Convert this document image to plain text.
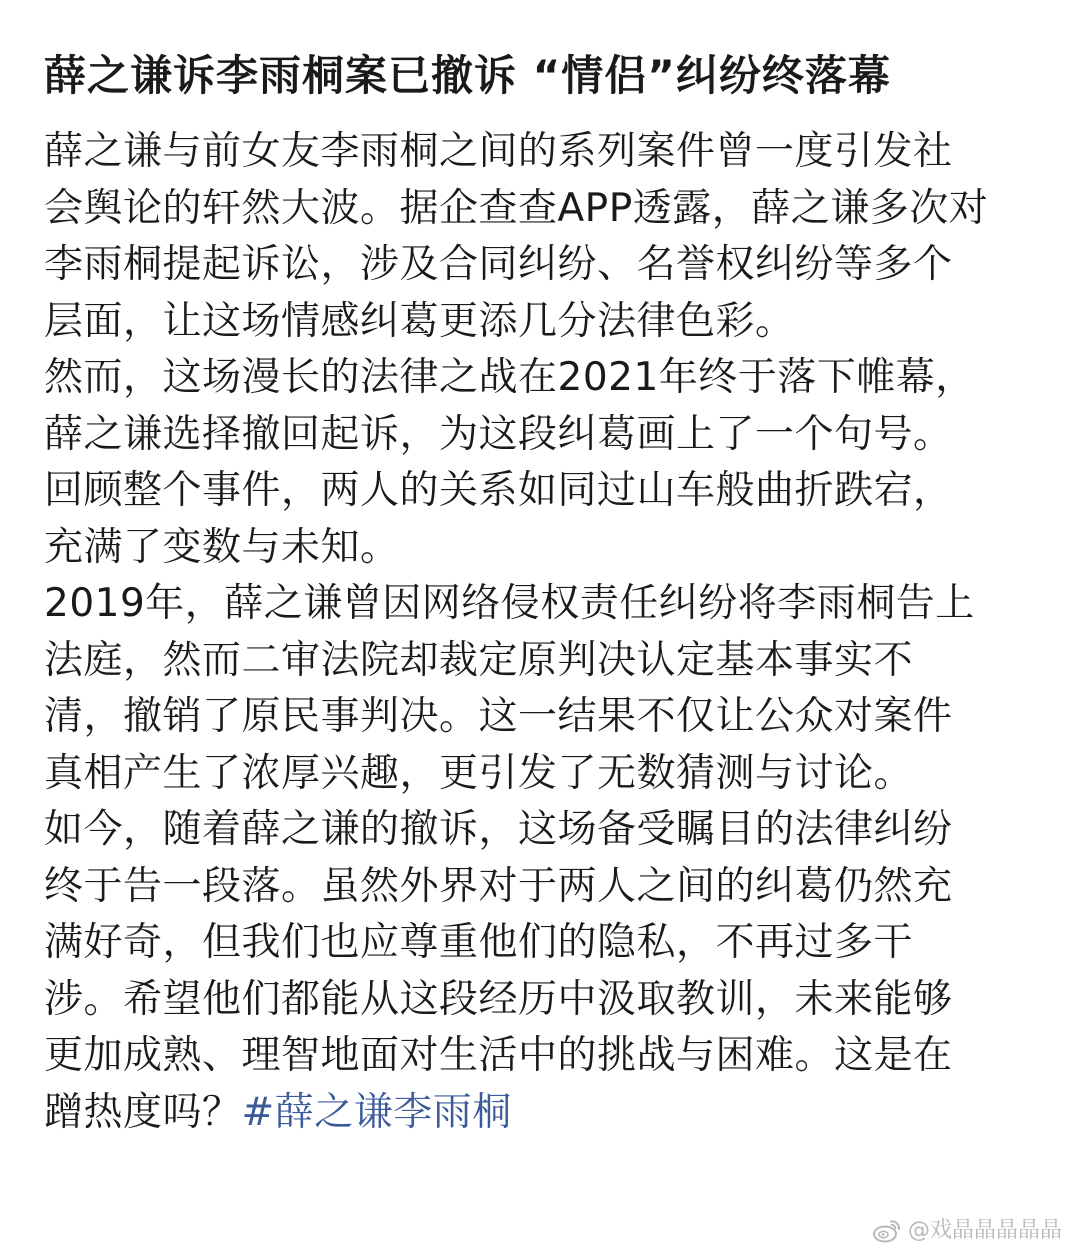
薛之谦诉李雨桐案已撤诉 “情侣”纠纷终落幕
薛之谦与前女友李雨桐之间的系列案件曾一度引发社
会舆论的轩然大波。据企查查APP透露，薛之谦多次对
李雨桐提起诉讼，涉及合同纠纷、名誉权纠纷等多个
层面，让这场情感纠葛更添几分法律色彩。
然而，这场漫长的法律之战在2021年终于落下帷幕，
薛之谦选择撤回起诉，为这段纠葛画上了一个句号。
回顾整个事件，两人的关系如同过山车般曲折跌宕，
充满了变数与未知。
2019年，薛之谦曾因网络侵权责任纠纷将李雨桐告上
法庭，然而二审法院却裁定原判决认定基本事实不
清，撤销了原民事判决。这一结果不仅让公众对案件
真相产生了浓厚兴趣，更引发了无数猜测与讨论。
如今，随着薛之谦的撤诉，这场备受瞩目的法律纠纷
终于告一段落。虽然外界对于两人之间的纠葛仍然充
满好奇，但我们也应尊重他们的隐私，不再过多干
涉。希望他们都能从这段经历中汲取教训，未来能够
更加成熟、理智地面对生活中的挑战与困难。这是在
蹭热度吗？#薛之谦李雨桐
@戏晶晶晶晶晶
